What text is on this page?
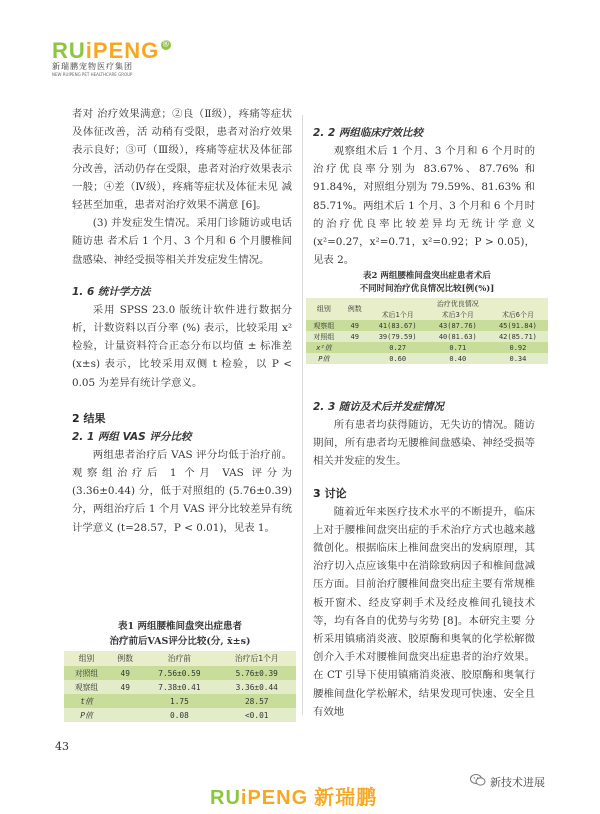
RUiPENG Ⓡ
新瑞鹏宠物医疗集团
NEW RUIPENG PET HEALTHCARE GROUP

者对 治疗效果满意；②良（Ⅱ级），疼痛等症状及体征改善，活 动稍有受限，患者对治疗效果表示良好；③可（Ⅲ级），疼痛等症状及体征部分改善，活动仍存在受限，患者对治疗效果表示一般；④差（Ⅳ级），疼痛等症状及体征未见 减轻甚至加重，患者对治疗效果不满意 [6]。

(3) 并发症发生情况。采用门诊随访或电话随访患 者术后 1 个月、3 个月和 6 个月腰椎间盘感染、神经受损等相关并发症发生情况。

1. 6 统计学方法

采用 SPSS 23.0 版统计软件进行数据分析，计数资料以百分率 (%) 表示，比较采用 x² 检验，计量资料符合正态分布以均值 ± 标准差 (x±s) 表示，比较采用双侧 t 检验，以 P < 0.05 为差异有统计学意义。

2 结果

2. 1 两组 VAS 评分比较

两组患者治疗后 VAS 评分均低于治疗前。观察组治疗后 1 个月 VAS 评分为 (3.36±0.44) 分，低于对照组的 (5.76±0.39) 分，两组治疗后 1 个月 VAS 评分比较差异有统计学意义 (t=28.57，P < 0.01)，见表 1。

表1 两组腰椎间盘突出症患者
治疗前后VAS评分比较(分, x̄±s)
组别	例数	治疗前	治疗后1个月
对照组	49	7.56±0.59	5.76±0.39
观察组	49	7.38±0.41	3.36±0.44
t值		1.75	28.57
P值		0.08	<0.01

2. 2 两组临床疗效比较

观察组术后 1 个月、3 个月和 6 个月时的治疗优良率分别为 83.67%、87.76% 和 91.84%，对照组分别为 79.59%、81.63% 和 85.71%。两组术后 1 个月、3 个月和 6 个月时的治疗优良率比较差异均无统计学意义 (x²=0.27，x²=0.71，x²=0.92；P > 0.05)，见表 2。

表2 两组腰椎间盘突出症患者术后
不同时间治疗优良情况比较[例(%)]
组别	例数	治疗优良情况		
		术后1个月	术后3个月	术后6个月
观察组	49	41(83.67)	43(87.76)	45(91.84)
对照组	49	39(79.59)	40(81.63)	42(85.71)
x²值		0.27	0.71	0.92
P值		0.60	0.40	0.34

2. 3 随访及术后并发症情况

所有患者均获得随访，无失访的情况。随访期间，所有患者均无腰椎间盘感染、神经受损等相关并发症的发生。

3 讨论

随着近年来医疗技术水平的不断提升，临床上对于腰椎间盘突出症的手术治疗方式也越来越微创化。根据临床上椎间盘突出的发病原理，其治疗切入点应该集中在消除致病因子和椎间盘减压方面。目前治疗腰椎间盘突出症主要有常规椎板开窗术、经皮穿刺手术及经皮椎间孔镜技术等，均有各自的优势与劣势 [8]。本研究主要 分析采用镇痛消炎液、胶原酶和奥氧的化学松解微创介入手术对腰椎间盘突出症患者的治疗效果。在 CT 引导下使用镇痛消炎液、胶原酶和奥氧行腰椎间盘化学松解术，结果发现可快速、安全且有效地

43
RUiPENG 新瑞鹏
新技术进展
